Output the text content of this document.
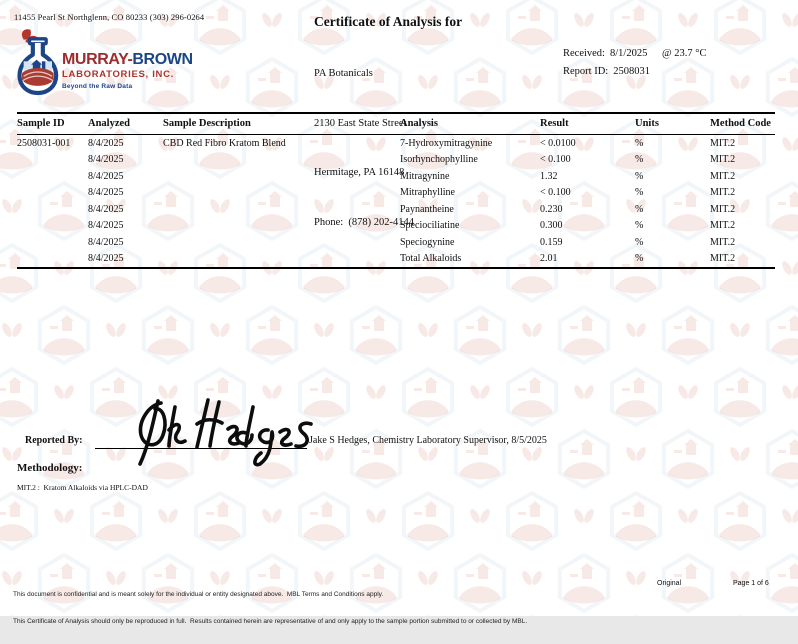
11455 Pearl St Northglenn, CO 80233 (303) 296-0264
MURRAY-BROWN
LABORATORIES, INC.
Beyond the Raw Data
Certificate of Analysis for

PA Botanicals

2130 East State Street

Hermitage, PA 16148

Phone:  (878) 202-4144

Received: 8/1/2025 @ 23.7 °C
Report ID: 2508031
Sample ID	Analyzed	Sample Description	Analysis	Result	Units	Method Code
2508031-001	8/4/2025	CBD Red Fibro Kratom Blend	7-Hydroxymitragynine	< 0.0100	%	MIT.2
	8/4/2025		Isorhynchophylline	< 0.100	%	MIT.2
	8/4/2025		Mitragynine	1.32	%	MIT.2
	8/4/2025		Mitraphylline	< 0.100	%	MIT.2
	8/4/2025		Paynantheine	0.230	%	MIT.2
	8/4/2025		Speciociliatine	0.300	%	MIT.2
	8/4/2025		Speciogynine	0.159	%	MIT.2
	8/4/2025		Total Alkaloids	2.01	%	MIT.2
Reported By:	Jake S Hedges, Chemistry Laboratory Supervisor, 8/5/2025
Methodology:
MIT.2 :  Kratom Alkaloids via HPLC-DAD

This document is confidential and is meant solely for the individual or entity designated above.  MBL Terms and Conditions apply.

This Certificate of Analysis should only be reproduced in full.  Results contained herein are representative of and only apply to the sample portion submitted to or collected by MBL.

Original	Page 1 of 6
